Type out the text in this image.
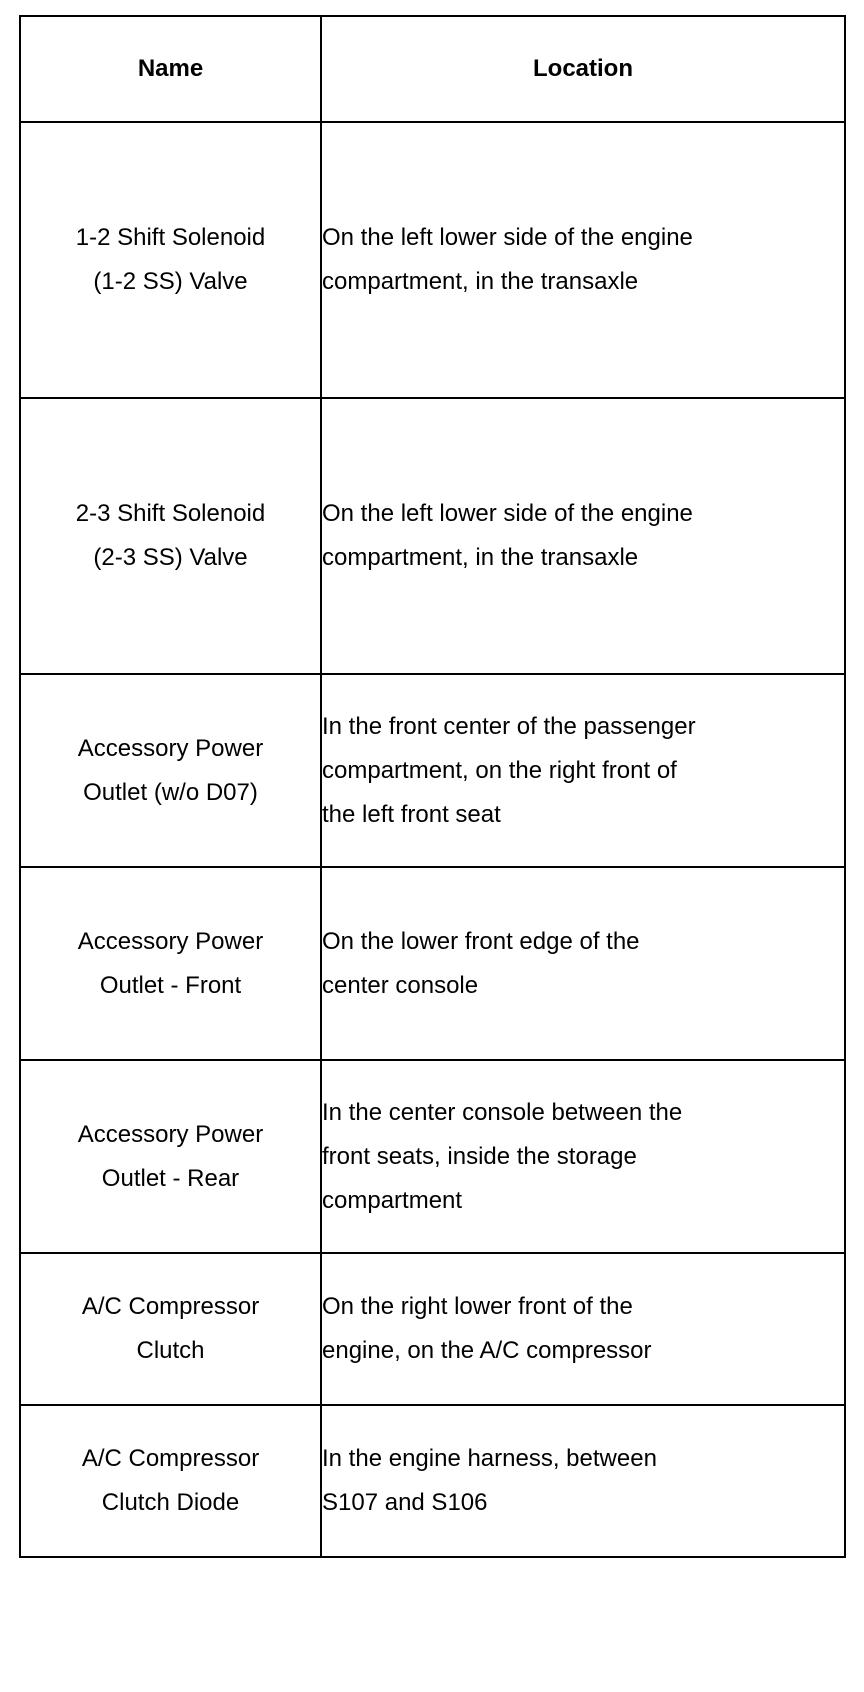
Name	Location

1-2 Shift Solenoid
(1-2 SS) Valve	On the left lower side of the engine
compartment, in the transaxle

2-3 Shift Solenoid
(2-3 SS) Valve	On the left lower side of the engine
compartment, in the transaxle

Accessory Power
Outlet (w/o D07)	In the front center of the passenger
compartment, on the right front of
the left front seat

Accessory Power
Outlet - Front	On the lower front edge of the
center console

Accessory Power
Outlet - Rear	In the center console between the
front seats, inside the storage
compartment

A/C Compressor
Clutch	On the right lower front of the
engine, on the A/C compressor

A/C Compressor
Clutch Diode	In the engine harness, between
S107 and S106
